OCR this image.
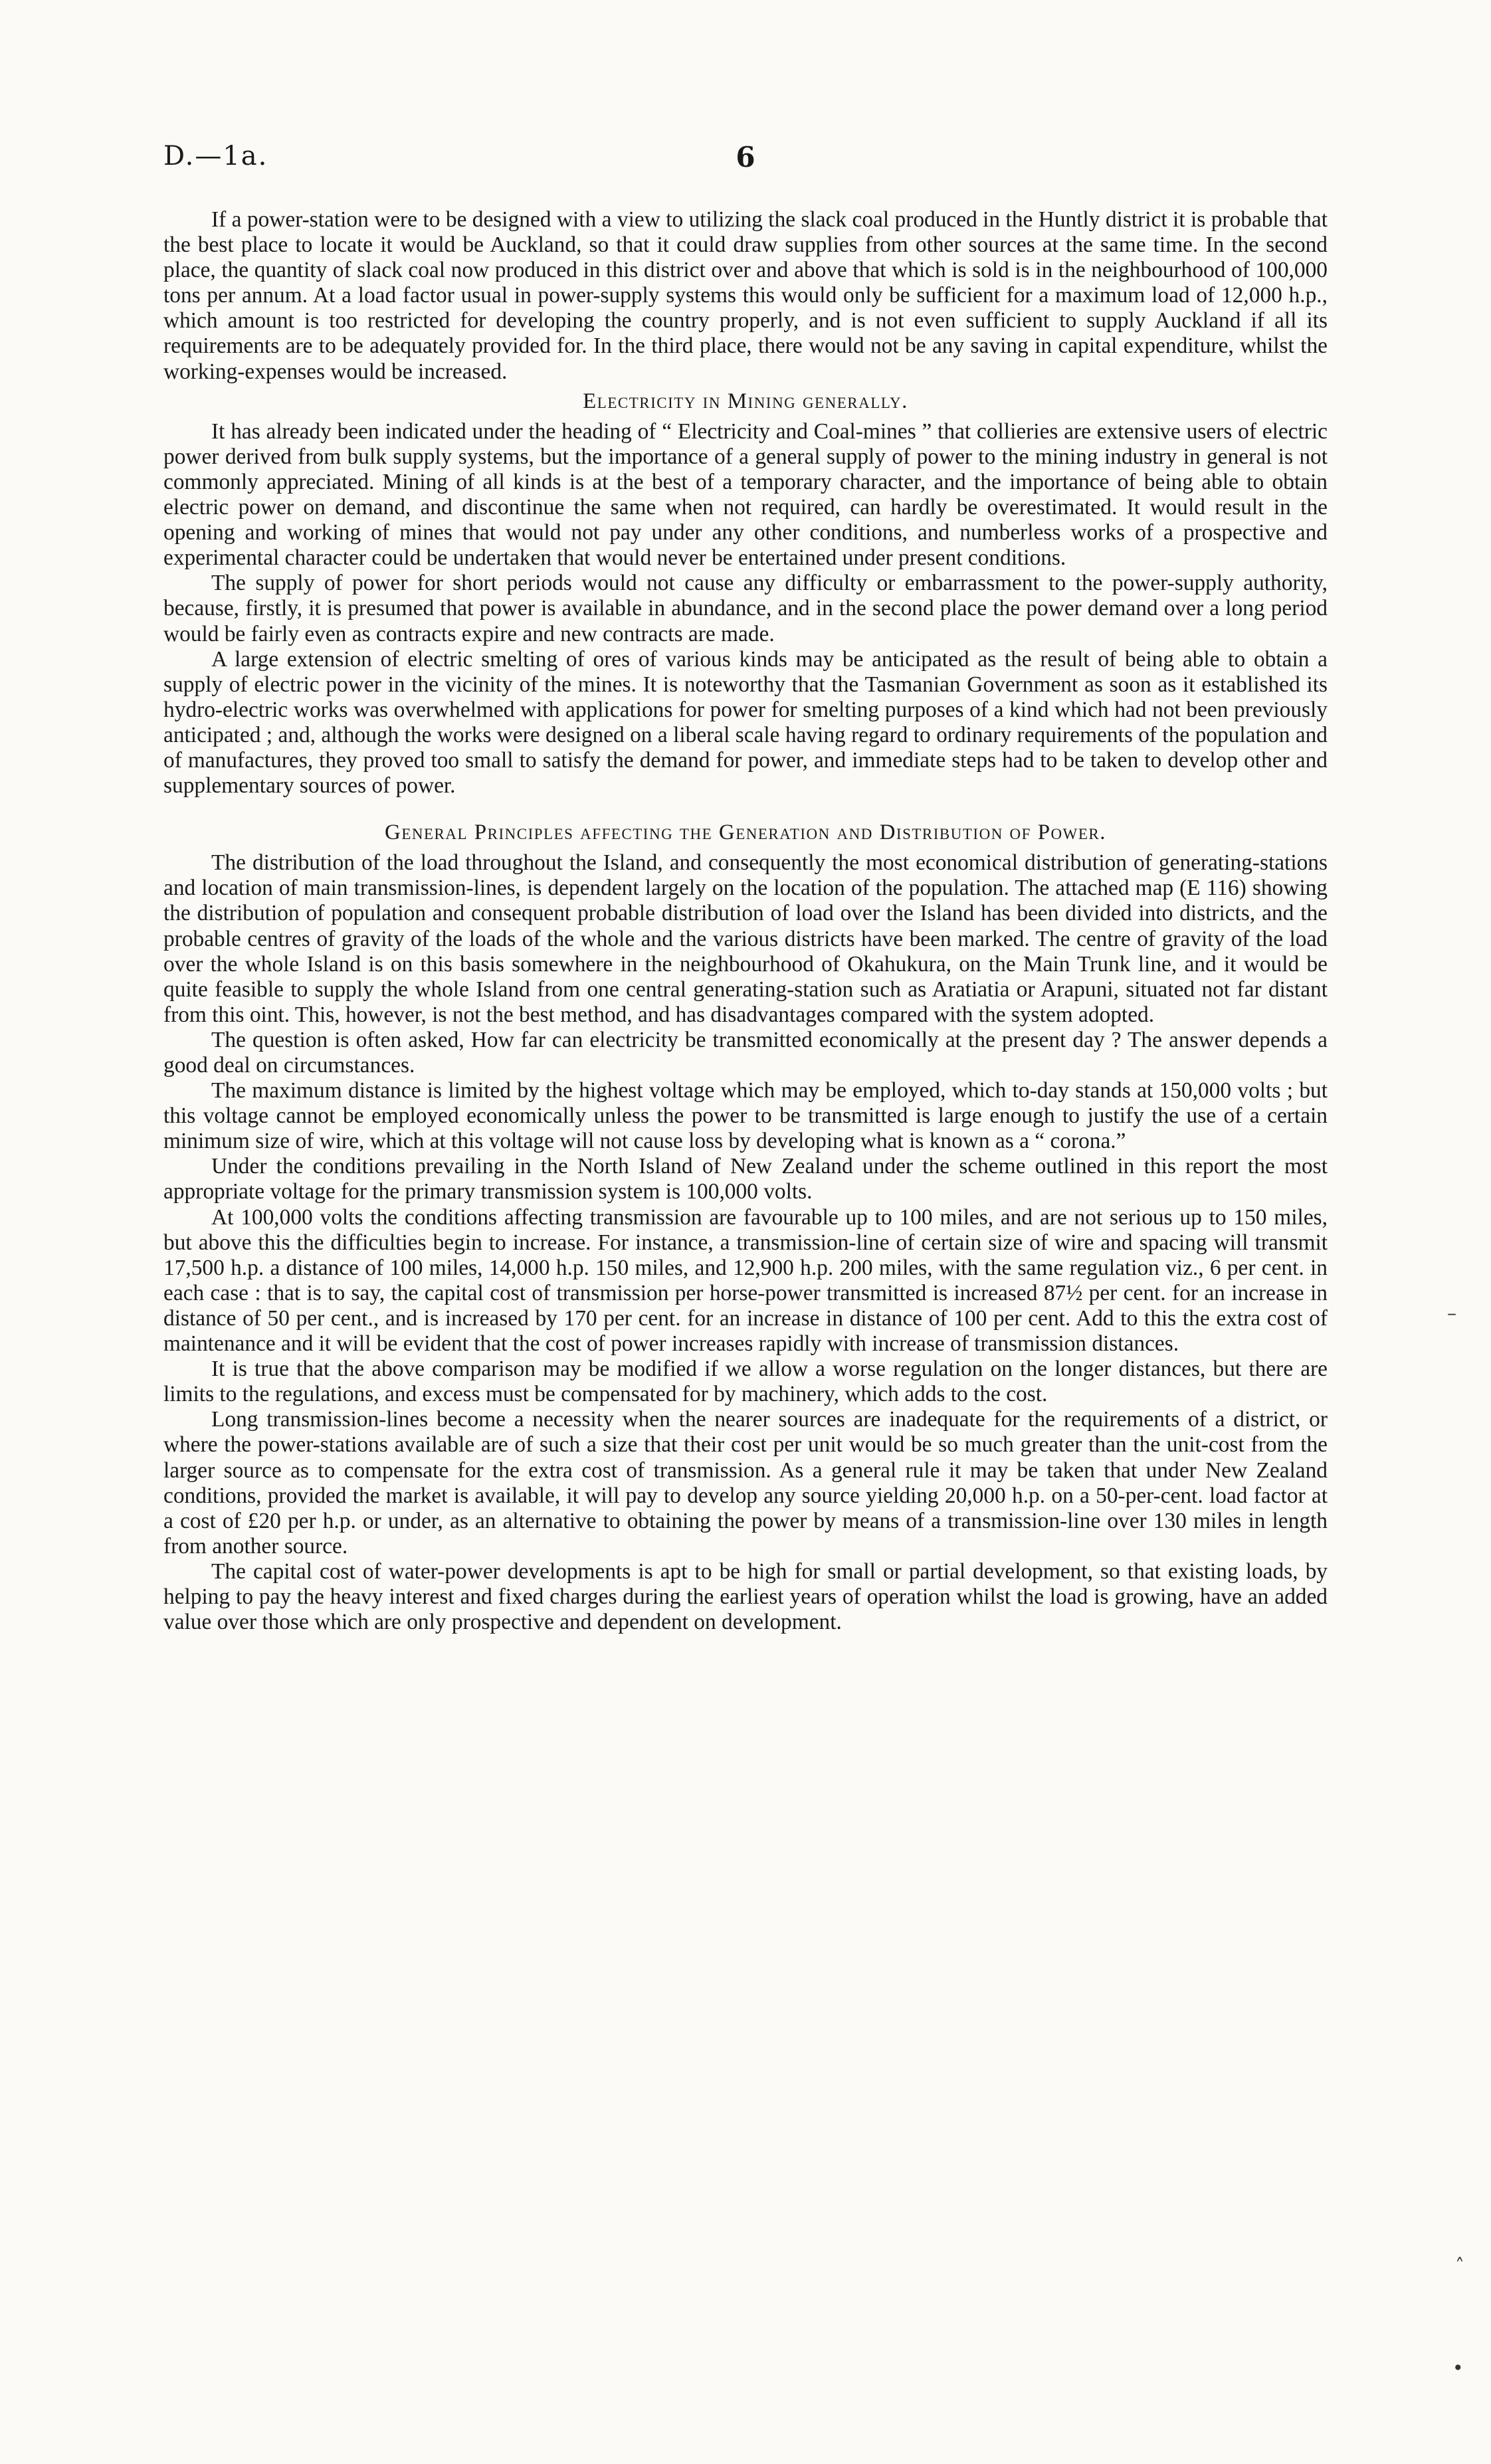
D.—1a.	6

If a power-station were to be designed with a view to utilizing the slack coal produced in the Huntly district it is probable that the best place to locate it would be Auckland, so that it could draw supplies from other sources at the same time. In the second place, the quantity of slack coal now produced in this district over and above that which is sold is in the neighbourhood of 100,000 tons per annum. At a load factor usual in power-supply systems this would only be sufficient for a maximum load of 12,000 h.p., which amount is too restricted for developing the country properly, and is not even sufficient to supply Auckland if all its requirements are to be adequately provided for. In the third place, there would not be any saving in capital expenditure, whilst the working-expenses would be increased.

Electricity in Mining generally.

It has already been indicated under the heading of “ Electricity and Coal-mines ” that collieries are extensive users of electric power derived from bulk supply systems, but the importance of a general supply of power to the mining industry in general is not commonly appreciated. Mining of all kinds is at the best of a temporary character, and the importance of being able to obtain electric power on demand, and discontinue the same when not required, can hardly be overestimated. It would result in the opening and working of mines that would not pay under any other conditions, and numberless works of a prospective and experimental character could be undertaken that would never be entertained under present conditions.

The supply of power for short periods would not cause any difficulty or embarrassment to the power-supply authority, because, firstly, it is presumed that power is available in abundance, and in the second place the power demand over a long period would be fairly even as contracts expire and new contracts are made.

A large extension of electric smelting of ores of various kinds may be anticipated as the result of being able to obtain a supply of electric power in the vicinity of the mines. It is noteworthy that the Tasmanian Government as soon as it established its hydro-electric works was overwhelmed with applications for power for smelting purposes of a kind which had not been previously anticipated ; and, although the works were designed on a liberal scale having regard to ordinary requirements of the population and of manufactures, they proved too small to satisfy the demand for power, and immediate steps had to be taken to develop other and supplementary sources of power.

General Principles affecting the Generation and Distribution of Power.

The distribution of the load throughout the Island, and consequently the most economical distribution of generating-stations and location of main transmission-lines, is dependent largely on the location of the population. The attached map (E 116) showing the distribution of population and consequent probable distribution of load over the Island has been divided into districts, and the probable centres of gravity of the loads of the whole and the various districts have been marked. The centre of gravity of the load over the whole Island is on this basis somewhere in the neighbourhood of Okahukura, on the Main Trunk line, and it would be quite feasible to supply the whole Island from one central generating-station such as Aratiatia or Arapuni, situated not far distant from this oint. This, however, is not the best method, and has disadvantages compared with the system adopted.

The question is often asked, How far can electricity be transmitted economically at the present day ? The answer depends a good deal on circumstances.

The maximum distance is limited by the highest voltage which may be employed, which to-day stands at 150,000 volts ; but this voltage cannot be employed economically unless the power to be transmitted is large enough to justify the use of a certain minimum size of wire, which at this voltage will not cause loss by developing what is known as a “ corona.”

Under the conditions prevailing in the North Island of New Zealand under the scheme outlined in this report the most appropriate voltage for the primary transmission system is 100,000 volts.

At 100,000 volts the conditions affecting transmission are favourable up to 100 miles, and are not serious up to 150 miles, but above this the difficulties begin to increase. For instance, a transmission-line of certain size of wire and spacing will transmit 17,500 h.p. a distance of 100 miles, 14,000 h.p. 150 miles, and 12,900 h.p. 200 miles, with the same regulation viz., 6 per cent. in each case : that is to say, the capital cost of transmission per horse-power transmitted is increased 87½ per cent. for an increase in distance of 50 per cent., and is increased by 170 per cent. for an increase in distance of 100 per cent. Add to this the extra cost of maintenance and it will be evident that the cost of power increases rapidly with increase of transmission distances.

It is true that the above comparison may be modified if we allow a worse regulation on the longer distances, but there are limits to the regulations, and excess must be compensated for by machinery, which adds to the cost.

Long transmission-lines become a necessity when the nearer sources are inadequate for the requirements of a district, or where the power-stations available are of such a size that their cost per unit would be so much greater than the unit-cost from the larger source as to compensate for the extra cost of transmission. As a general rule it may be taken that under New Zealand conditions, provided the market is available, it will pay to develop any source yielding 20,000 h.p. on a 50-per-cent. load factor at a cost of £20 per h.p. or under, as an alternative to obtaining the power by means of a transmission-line over 130 miles in length from another source.

The capital cost of water-power developments is apt to be high for small or partial development, so that existing loads, by helping to pay the heavy interest and fixed charges during the earliest years of operation whilst the load is growing, have an added value over those which are only prospective and dependent on development.

–
˰
•
